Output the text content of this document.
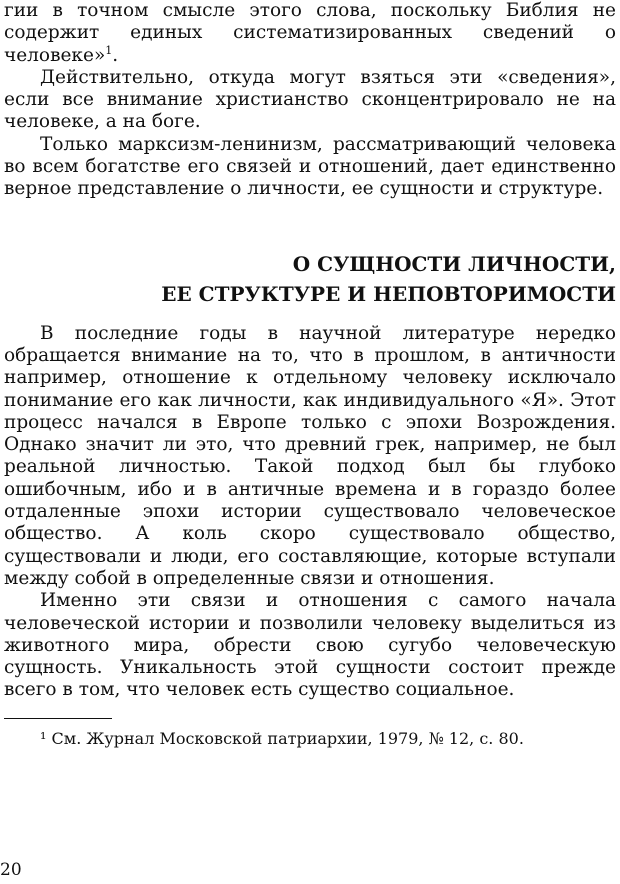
гии в точном смысле этого слова, поскольку Библия не содержит единых систематизированных сведений о человеке»$^1$.

Действительно, откуда могут взяться эти «сведения», если все внимание христианство сконцентрировало не на человеке, а на боге.

Только марксизм-ленинизм, рассматривающий человека во всем богатстве его связей и отношений, дает единственно верное представление о личности, ее сущности и структуре.

О СУЩНОСТИ ЛИЧНОСТИ,
ЕЕ СТРУКТУРЕ И НЕПОВТОРИМОСТИ

В последние годы в научной литературе нередко обращается внимание на то, что в прошлом, в античности например, отношение к отдельному человеку исключало понимание его как личности, как индивидуального «Я». Этот процесс начался в Европе только с эпохи Возрождения. Однако значит ли это, что древний грек, например, не был реальной личностью. Такой подход был бы глубоко ошибочным, ибо и в античные времена и в гораздо более отдаленные эпохи истории существовало человеческое общество. А коль скоро существовало общество, существовали и люди, его составляющие, которые вступали между собой в определенные связи и отношения.

Именно эти связи и отношения с самого начала человеческой истории и позволили человеку выделиться из животного мира, обрести свою сугубо человеческую сущность. Уникальность этой сущности состоит прежде всего в том, что человек есть существо социальное.

¹ См. Журнал Московской патриархии, 1979, № 12, с. 80.

20
